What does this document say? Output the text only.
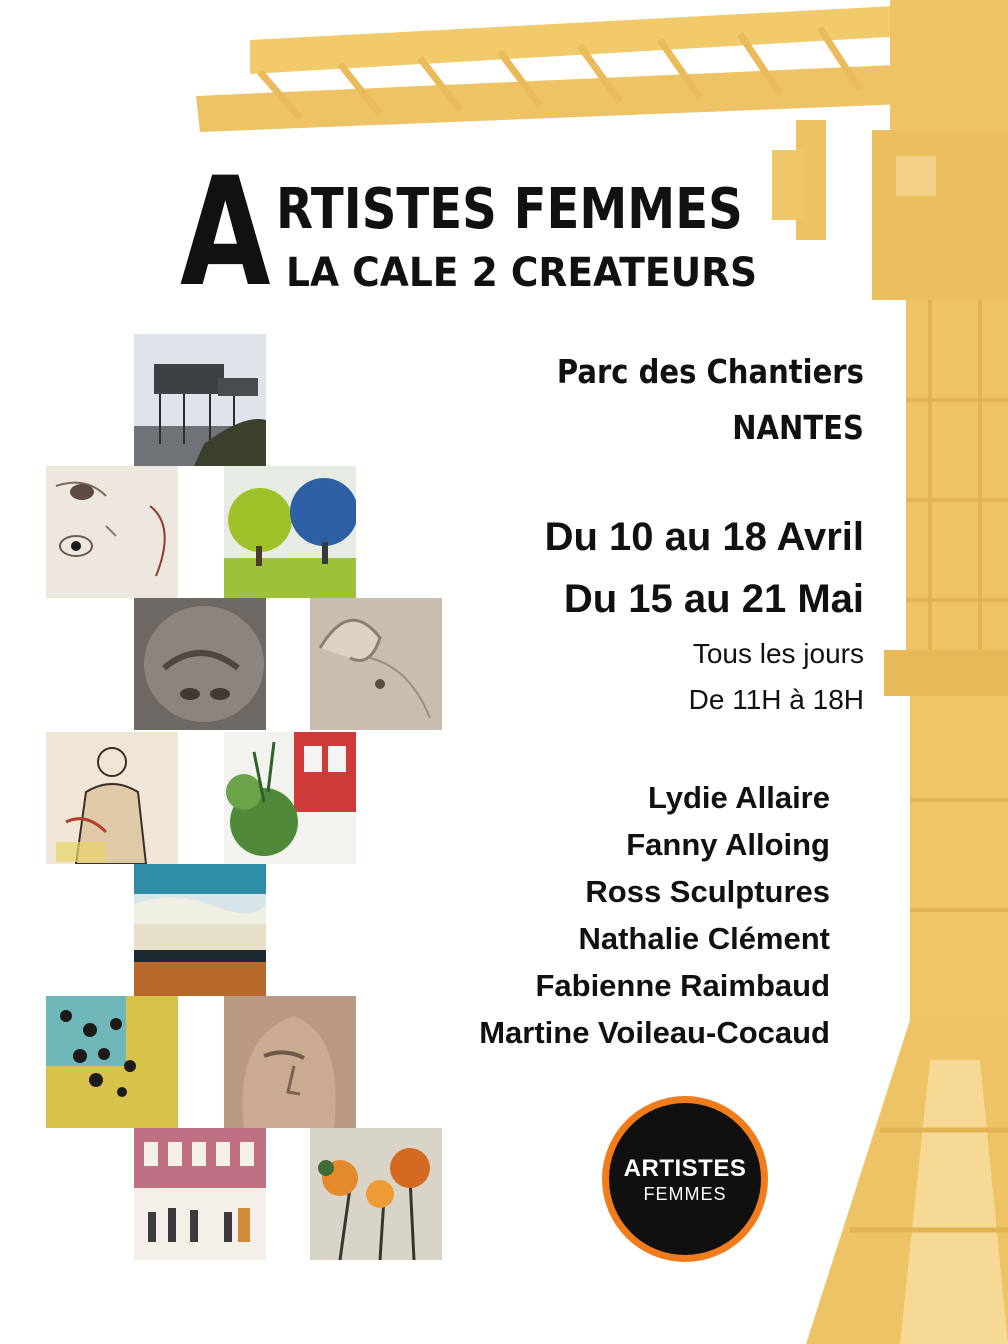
A RTISTES FEMMES
LA CALE 2 CREATEURS
Parc des Chantiers
NANTES
Du 10 au 18 Avril
Du 15 au 21 Mai
Tous les jours
De 11H à 18H
Lydie Allaire
Fanny Alloing
Ross Sculptures
Nathalie Clément
Fabienne Raimbaud
Martine Voileau-Cocaud
ARTISTES
FEMMES
